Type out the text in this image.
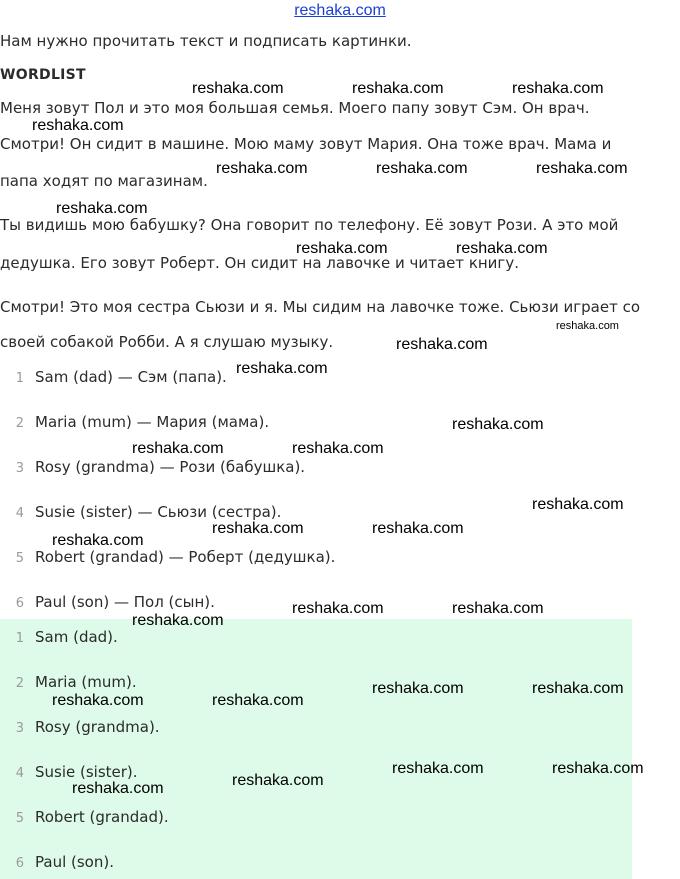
reshaka.com
Нам нужно прочитать текст и подписать картинки.
WORDLIST
Меня зовут Пол и это моя большая семья. Моего папу зовут Сэм. Он врач.
Смотри! Он сидит в машине. Мою маму зовут Мария. Она тоже врач. Мама и
папа ходят по магазинам.
Ты видишь мою бабушку? Она говорит по телефону. Её зовут Рози. А это мой
дедушка. Его зовут Роберт. Он сидит на лавочке и читает книгу.
Смотри! Это моя сестра Сьюзи и я. Мы сидим на лавочке тоже. Сьюзи играет со
своей собакой Робби. А я слушаю музыку.
1 Sam (dad) — Сэм (папа).
2 Maria (mum) — Мария (мама).
3 Rosy (grandma) — Рози (бабушка).
4 Susie (sister) — Сьюзи (сестра).
5 Robert (grandad) — Роберт (дедушка).
6 Paul (son) — Пол (сын).
1 Sam (dad).
2 Maria (mum).
3 Rosy (grandma).
4 Susie (sister).
5 Robert (grandad).
6 Paul (son).
reshaka.com	reshaka.com	reshaka.com
reshaka.com
reshaka.com	reshaka.com	reshaka.com
reshaka.com
reshaka.com	reshaka.com
reshaka.com
reshaka.com
reshaka.com
reshaka.com
reshaka.com	reshaka.com
reshaka.com
reshaka.com	reshaka.com
reshaka.com
reshaka.com	reshaka.com
reshaka.com
reshaka.com	reshaka.com
reshaka.com	reshaka.com
reshaka.com	reshaka.com
reshaka.com
reshaka.com
